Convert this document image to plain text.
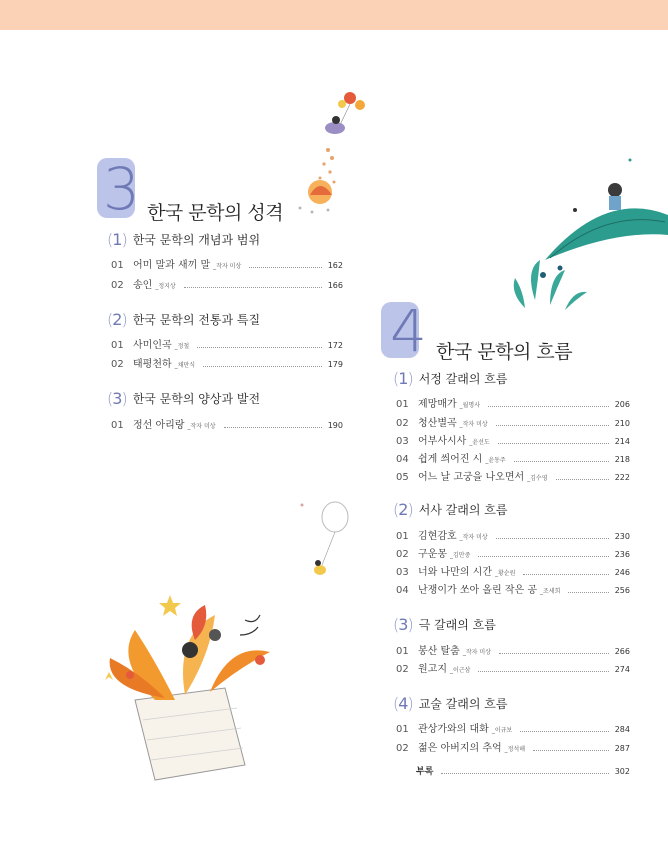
3 한국 문학의 성격
(1) 한국 문학의 개념과 범위
01 어미 말과 새끼 말 _작자 미상	162
02 송인 _정지상	166
(2) 한국 문학의 전통과 특질
01 사미인곡 _정철	172
02 태평천하 _채만식	179
(3) 한국 문학의 양상과 발전
01 정선 아리랑 _작자 미상	190
4 한국 문학의 흐름
(1) 서정 갈래의 흐름
01 제망매가 _월명사	206
02 청산별곡 _작자 미상	210
03 어부사시사 _윤선도	214
04 쉽게 씌어진 시 _윤동주	218
05 어느 날 고궁을 나오면서 _김수영	222
(2) 서사 갈래의 흐름
01 김현감호 _작자 미상	230
02 구운몽 _김만중	236
03 너와 나만의 시간 _황순원	246
04 난쟁이가 쏘아 올린 작은 공 _조세희	256
(3) 극 갈래의 흐름
01 봉산 탈춤 _작자 미상	266
02 원고지 _이근삼	274
(4) 교술 갈래의 흐름
01 관상가와의 대화 _이규보	284
02 젊은 아버지의 추억 _정석해	287
부록	302
